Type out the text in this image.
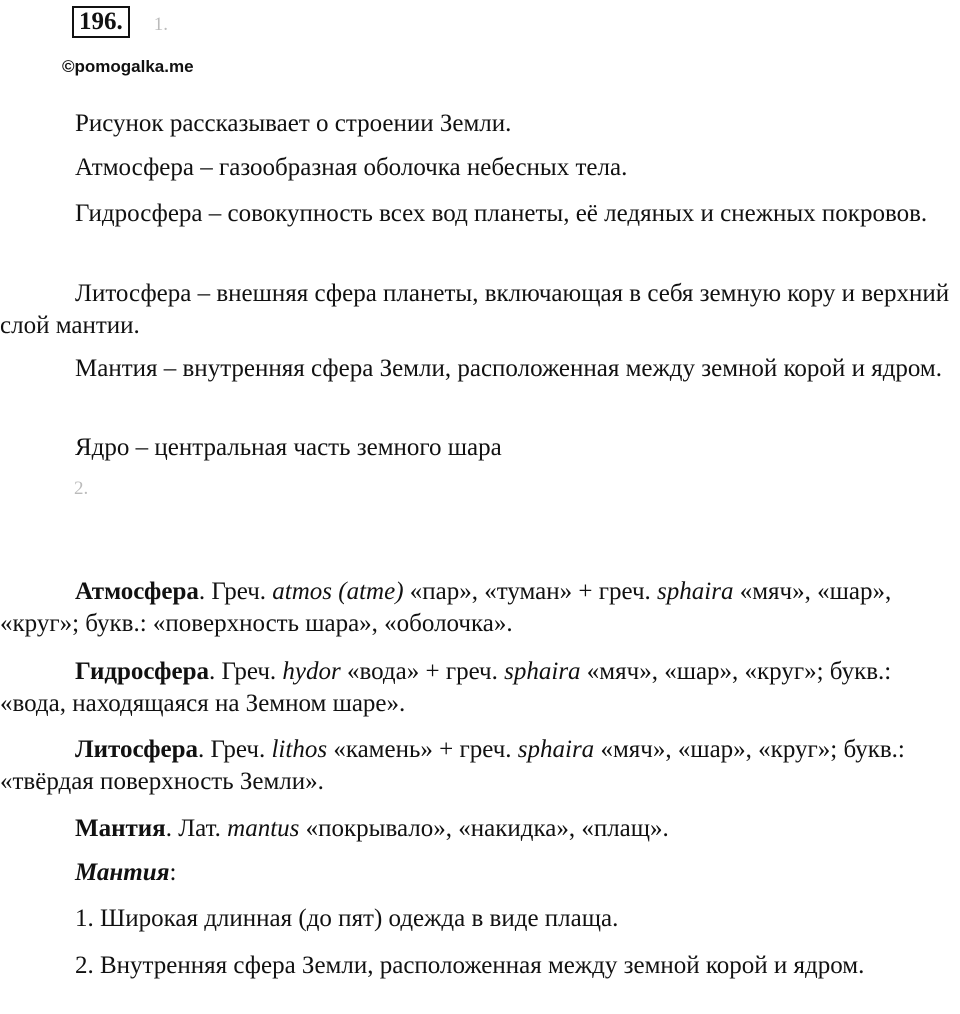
196.	1.
©pomogalka.me

Рисунок рассказывает о строении Земли.

Атмосфера – газообразная оболочка небесных тела.

Гидросфера – совокупность всех вод планеты, её ледяных и снежных покровов.

Литосфера – внешняя сфера планеты, включающая в себя земную кору и верхний слой мантии.

Мантия – внутренняя сфера Земли, расположенная между земной корой и ядром.

Ядро – центральная часть земного шара

2.

Атмосфера. Греч. atmos (atme) «пар», «туман» + греч. sphaira «мяч», «шар», «круг»; букв.: «поверхность шара», «оболочка».

Гидросфера. Греч. hydor «вода» + греч. sphaira «мяч», «шар», «круг»; букв.: «вода, находящаяся на Земном шаре».

Литосфера. Греч. lithos «камень» + греч. sphaira «мяч», «шар», «круг»; букв.: «твёрдая поверхность Земли».

Мантия. Лат. mantus «покрывало», «накидка», «плащ».

Мантия:

1. Широкая длинная (до пят) одежда в виде плаща.

2. Внутренняя сфера Земли, расположенная между земной корой и ядром.
